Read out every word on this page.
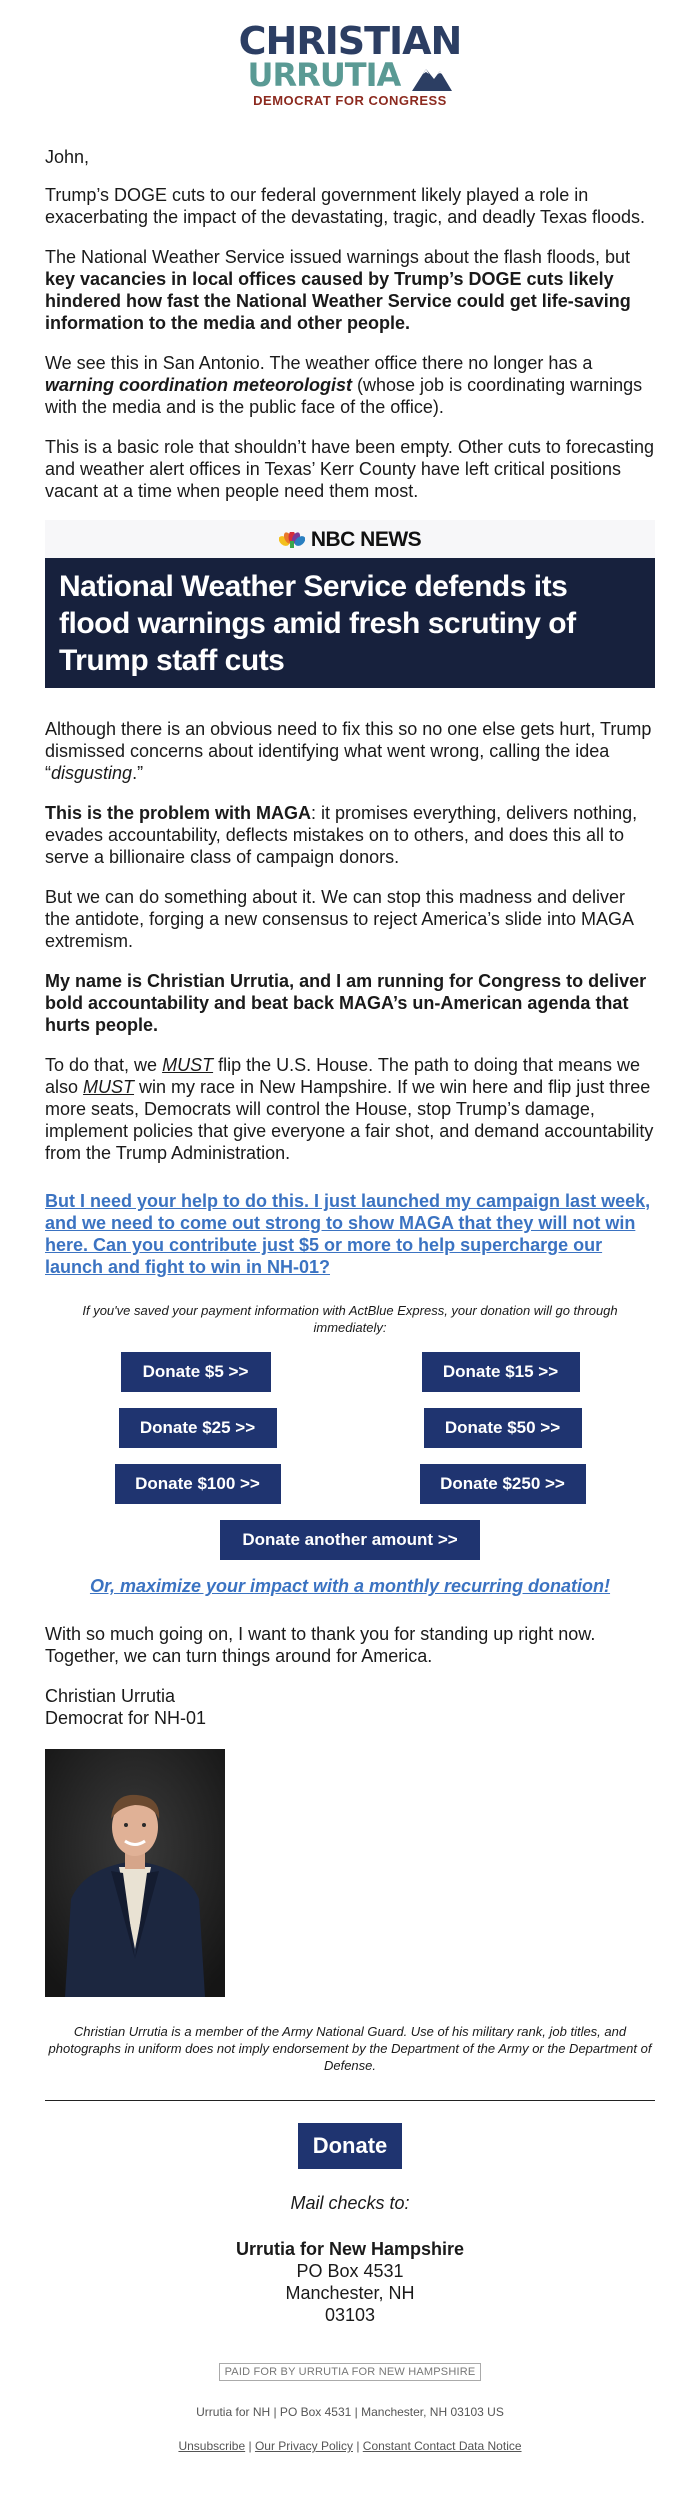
CHRISTIAN
URRUTIA
DEMOCRAT FOR CONGRESS

John,

Trump’s DOGE cuts to our federal government likely played a role in exacerbating the impact of the devastating, tragic, and deadly Texas floods.

The National Weather Service issued warnings about the flash floods, but key vacancies in local offices caused by Trump’s DOGE cuts likely hindered how fast the National Weather Service could get life-saving information to the media and other people.

We see this in San Antonio. The weather office there no longer has a warning coordination meteorologist (whose job is coordinating warnings with the media and is the public face of the office).

This is a basic role that shouldn’t have been empty. Other cuts to forecasting and weather alert offices in Texas’ Kerr County have left critical positions vacant at a time when people need them most.

NBC NEWS
National Weather Service defends its flood warnings amid fresh scrutiny of Trump staff cuts

Although there is an obvious need to fix this so no one else gets hurt, Trump dismissed concerns about identifying what went wrong, calling the idea “disgusting.”

This is the problem with MAGA: it promises everything, delivers nothing, evades accountability, deflects mistakes on to others, and does this all to serve a billionaire class of campaign donors.

But we can do something about it. We can stop this madness and deliver the antidote, forging a new consensus to reject America’s slide into MAGA extremism.

My name is Christian Urrutia, and I am running for Congress to deliver bold accountability and beat back MAGA’s un-American agenda that hurts people.

To do that, we MUST flip the U.S. House. The path to doing that means we also MUST win my race in New Hampshire. If we win here and flip just three more seats, Democrats will control the House, stop Trump’s damage, implement policies that give everyone a fair shot, and demand accountability from the Trump Administration.

But I need your help to do this. I just launched my campaign last week, and we need to come out strong to show MAGA that they will not win here. Can you contribute just $5 or more to help supercharge our launch and fight to win in NH-01?

If you've saved your payment information with ActBlue Express, your donation will go through immediately:
Donate $5 >>	Donate $15 >>
Donate $25 >>	Donate $50 >>
Donate $100 >>	Donate $250 >>
Donate another amount >>
Or, maximize your impact with a monthly recurring donation!

With so much going on, I want to thank you for standing up right now. Together, we can turn things around for America.

Christian Urrutia

Democrat for NH-01

Christian Urrutia is a member of the Army National Guard. Use of his military rank, job titles, and photographs in uniform does not imply endorsement by the Department of the Army or the Department of Defense.
Donate
Mail checks to:
Urrutia for New Hampshire
PO Box 4531
Manchester, NH
03103
PAID FOR BY URRUTIA FOR NEW HAMPSHIRE
Urrutia for NH | PO Box 4531 | Manchester, NH 03103 US
Unsubscribe | Our Privacy Policy | Constant Contact Data Notice
